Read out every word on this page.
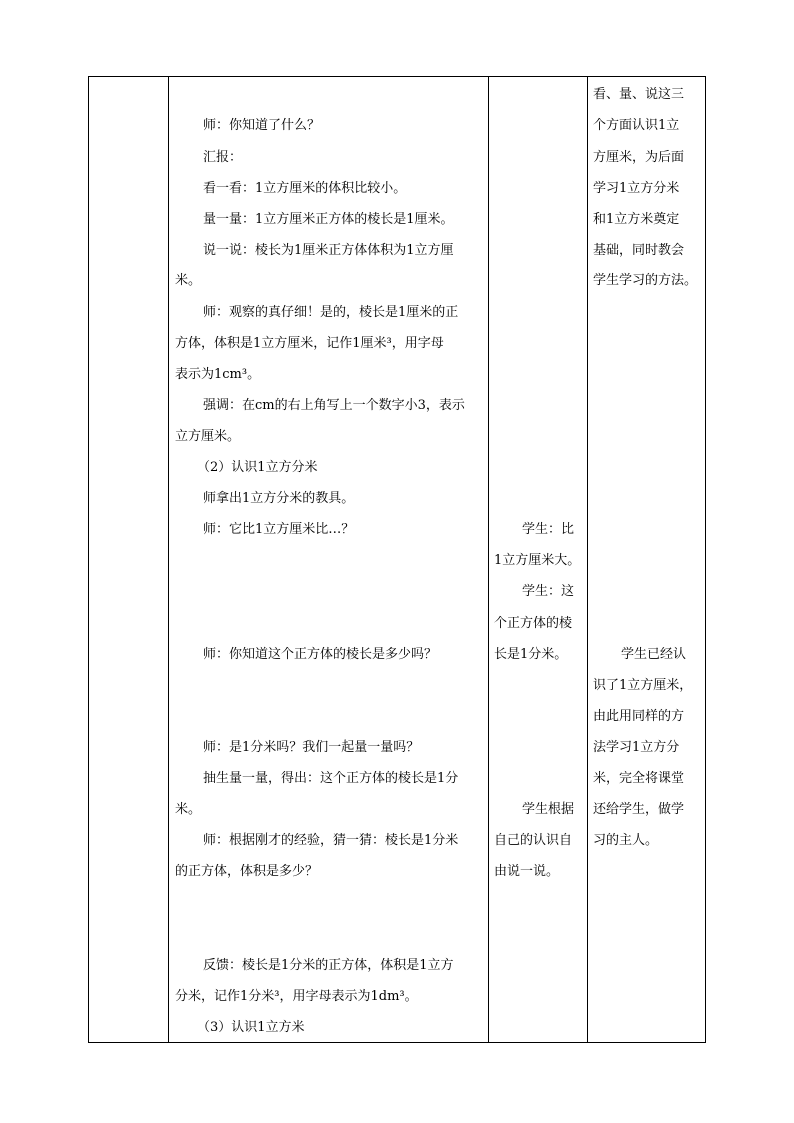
师：你知道了什么？
汇报：
看一看：1立方厘米的体积比较小。
量一量：1立方厘米正方体的棱长是1厘米。
说一说：棱长为1厘米正方体体积为1立方厘
米。
师：观察的真仔细！是的，棱长是1厘米的正
方体，体积是1立方厘米，记作1厘米³，用字母
表示为1cm³。
强调：在cm的右上角写上一个数字小3，表示
立方厘米。
（2）认识1立方分米
师拿出1立方分米的教具。
师：它比1立方厘米比…？
师：你知道这个正方体的棱长是多少吗？
师：是1分米吗？我们一起量一量吗？
抽生量一量，得出：这个正方体的棱长是1分
米。
师：根据刚才的经验，猜一猜：棱长是1分米
的正方体，体积是多少？
反馈：棱长是1分米的正方体，体积是1立方
分米，记作1分米³，用字母表示为1dm³。
（3）认识1立方米
学生：比
1立方厘米大。
学生：这
个正方体的棱
长是1分米。
学生根据
自己的认识自
由说一说。
看、量、说这三
个方面认识1立
方厘米，为后面
学习1立方分米
和1立方米奠定
基础，同时教会
学生学习的方法。
学生已经认
识了1立方厘米，
由此用同样的方
法学习1立方分
米，完全将课堂
还给学生，做学
习的主人。
